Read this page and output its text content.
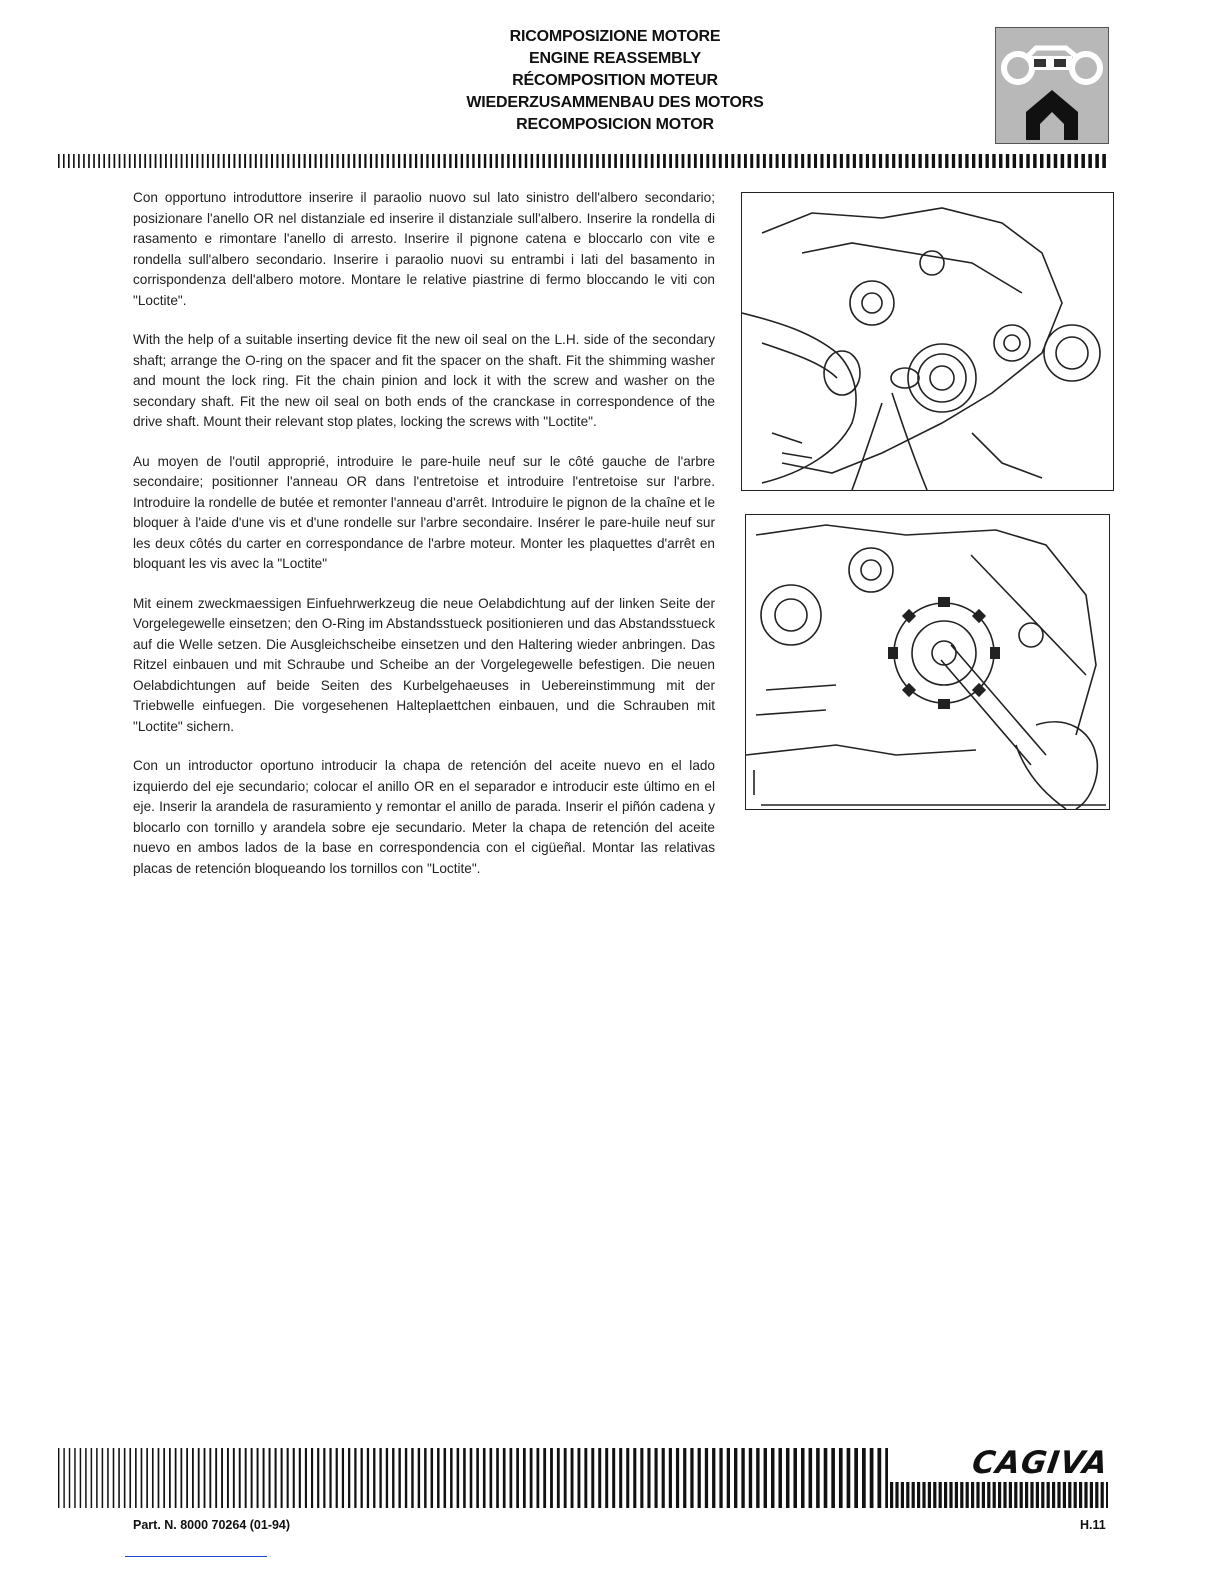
RICOMPOSIZIONE MOTORE
ENGINE REASSEMBLY
RÉCOMPOSITION MOTEUR
WIEDERZUSAMMENBAU DES MOTORS
RECOMPOSICION MOTOR

Con opportuno introduttore inserire il paraolio nuovo sul lato sinistro dell'albero secondario; posizionare l'anello OR nel distanziale ed inserire il distanziale sull'albero. Inserire la rondella di rasamento e rimontare l'anello di arresto. Inserire il pignone catena e bloccarlo con vite e rondella sull'albero secondario. Inserire i paraolio nuovi su entrambi i lati del basamento in corrispondenza dell'albero motore. Montare le relative piastrine di fermo bloccando le viti con "Loctite".

With the help of a suitable inserting device fit the new oil seal on the L.H. side of the secondary shaft; arrange the O-ring on the spacer and fit the spacer on the shaft. Fit the shimming washer and mount the lock ring. Fit the chain pinion and lock it with the screw and washer on the secondary shaft. Fit the new oil seal on both ends of the cranckase in correspondence of the drive shaft. Mount their relevant stop plates, locking the screws with "Loctite".

Au moyen de l'outil approprié, introduire le pare-huile neuf sur le côté gauche de l'arbre secondaire; positionner l'anneau OR dans l'entretoise et introduire l'entretoise sur l'arbre. Introduire la rondelle de butée et remonter l'anneau d'arrêt. Introduire le pignon de la chaîne et le bloquer à l'aide d'une vis et d'une rondelle sur l'arbre secondaire. Insérer le pare-huile neuf sur les deux côtés du carter en correspondance de l'arbre moteur. Monter les plaquettes d'arrêt en bloquant les vis avec la "Loctite"

Mit einem zweckmaessigen Einfuehrwerkzeug die neue Oelabdichtung auf der linken Seite der Vorgelegewelle einsetzen; den O-Ring im Abstandsstueck positionieren und das Abstandsstueck auf die Welle setzen. Die Ausgleichscheibe einsetzen und den Haltering wieder anbringen. Das Ritzel einbauen und mit Schraube und Scheibe an der Vorgelegewelle befestigen. Die neuen Oelabdichtungen auf beide Seiten des Kurbelgehaeuses in Uebereinstimmung mit der Triebwelle einfuegen. Die vorgesehenen Halteplaettchen einbauen, und die Schrauben mit "Loctite" sichern.

Con un introductor oportuno introducir la chapa de retención del aceite nuevo en el lado izquierdo del eje secundario; colocar el anillo OR en el separador e introducir este último en el eje. Inserir la arandela de rasuramiento y remontar el anillo de parada. Inserir el piñón cadena y blocarlo con tornillo y arandela sobre eje secundario. Meter la chapa de retención del aceite nuevo en ambos lados de la base en correspondencia con el cigüeñal. Montar las relativas placas de retención bloqueando los tornillos con "Loctite".

CAGIVA
Part. N. 8000 70264 (01-94)	H.11
